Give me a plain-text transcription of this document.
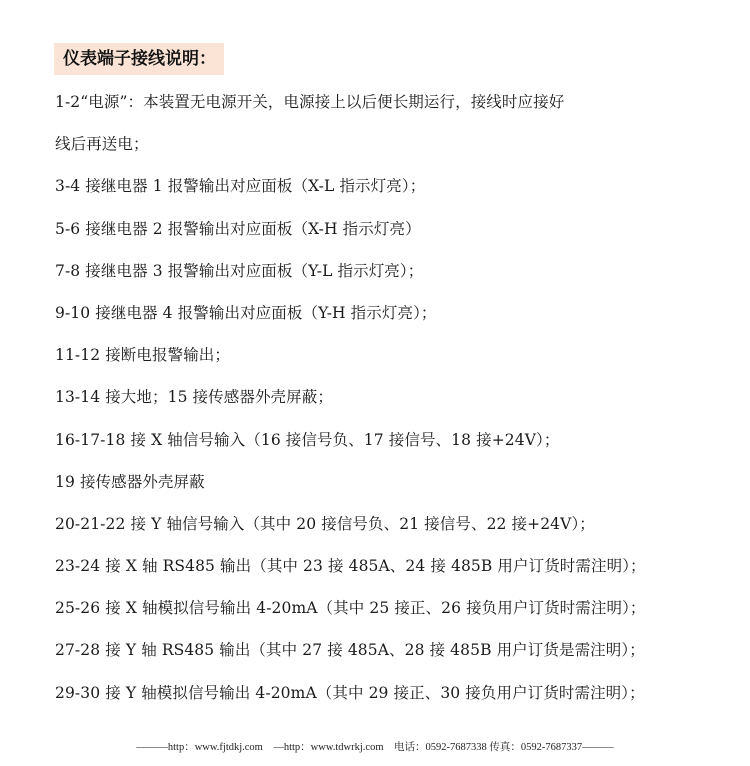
仪表端子接线说明：
1-2“电源”：本装置无电源开关，电源接上以后便长期运行，接线时应接好
线后再送电；
3-4 接继电器 1 报警输出对应面板（X-L 指示灯亮）；
5-6 接继电器 2 报警输出对应面板（X-H 指示灯亮）
7-8 接继电器 3 报警输出对应面板（Y-L 指示灯亮）；
9-10 接继电器 4 报警输出对应面板（Y-H 指示灯亮）；
11-12 接断电报警输出；
13-14 接大地；15 接传感器外壳屏蔽；
16-17-18 接 X 轴信号输入（16 接信号负、17 接信号、18 接+24V）；
19 接传感器外壳屏蔽
20-21-22 接 Y 轴信号输入（其中 20 接信号负、21 接信号、22 接+24V）；
23-24 接 X 轴 RS485 输出（其中 23 接 485A、24 接 485B 用户订货时需注明）；
25-26 接 X 轴模拟信号输出 4-20mA（其中 25 接正、26 接负用户订货时需注明）；
27-28 接 Y 轴 RS485 输出（其中 27 接 485A、28 接 485B 用户订货是需注明）；
29-30 接 Y 轴模拟信号输出 4-20mA（其中 29 接正、30 接负用户订货时需注明）；
———http：www.fjtdkj.com　—http：www.tdwrkj.com　电话：0592-7687338 传真：0592-7687337———
